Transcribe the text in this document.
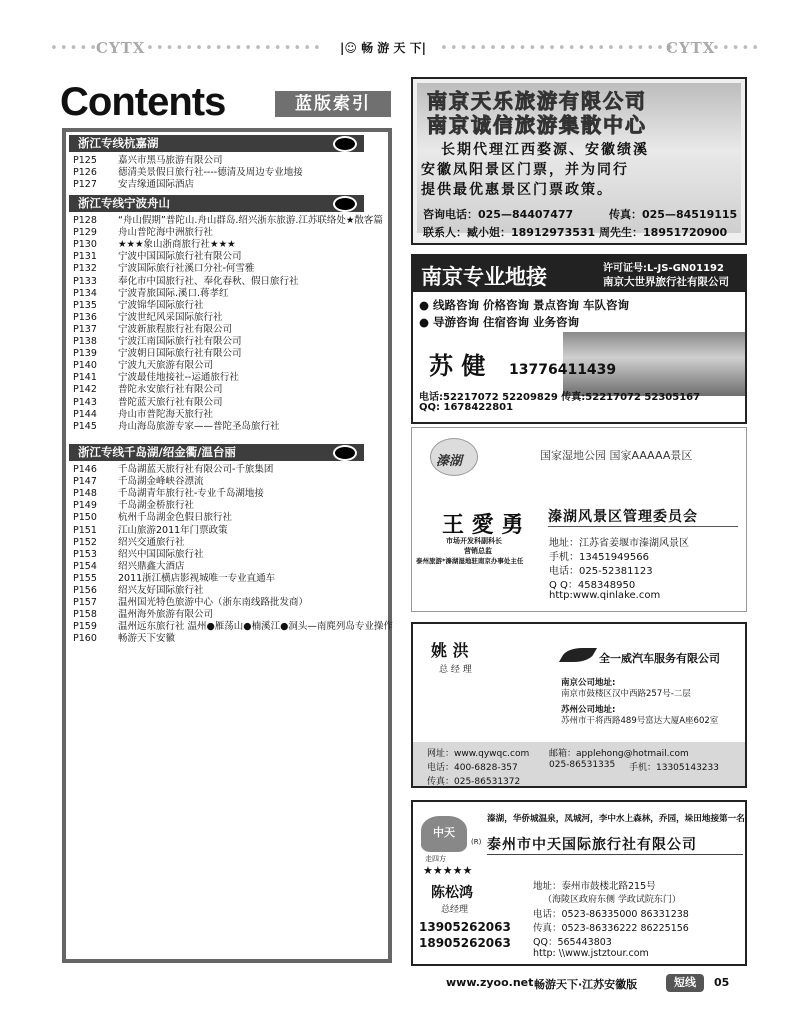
•••••
CYTX •••••••••••••••••• |☺ 畅 游 天 下| ••••••••••••••••••••••••
CYTX
•••••
Contents	蓝版索引
浙江专线杭嘉湖
P125 嘉兴市黑马旅游有限公司
P126 德清美景假日旅行社----德清及周边专业地接
P127 安吉缘通国际酒店
浙江专线宁波舟山
P128 “舟山假期”普陀山.舟山群岛.绍兴浙东旅游.江苏联络处★散客篇
P129 舟山普陀海中洲旅行社
P130 ★★★象山浙商旅行社★★★
P131 宁波中国国际旅行社有限公司
P132 宁波国际旅行社溪口分社-何雪雅
P133 奉化市中国旅行社、奉化春秋、假日旅行社
P134 宁波青旅国际.溪口.蒋孝红
P135 宁波锦华国际旅行社
P136 宁波世纪风采国际旅行社
P137 宁波新旅程旅行社有限公司
P138 宁波江南国际旅行社有限公司
P139 宁波朝日国际旅行社有限公司
P140 宁波九天旅游有限公司
P141 宁波最佳地接社--运通旅行社
P142 普陀永安旅行社有限公司
P143 普陀蓝天旅行社有限公司
P144 舟山市普陀海天旅行社
P145 舟山海岛旅游专家——普陀圣岛旅行社
浙江专线千岛湖/绍金衢/温台丽
P146 千岛湖蓝天旅行社有限公司-千旅集团
P147 千岛湖金峰峡谷漂流
P148 千岛湖青年旅行社-专业千岛湖地接
P149 千岛湖金桥旅行社
P150 杭州千岛湖金色假日旅行社
P151 江山旅游2011年门票政策
P152 绍兴交通旅行社
P153 绍兴中国国际旅行社
P154 绍兴鼎鑫大酒店
P155 2011浙江横店影视城唯一专业直通车
P156 绍兴友好国际旅行社
P157 温州国光特色旅游中心（浙东南线路批发商）
P158 温州海外旅游有限公司
P159 温州远东旅行社 温州●雁荡山●楠溪江●洞头—南麂列岛专业操作
P160 畅游天下安徽
南京天乐旅游有限公司
南京诚信旅游集散中心
长期代理江西婺源、安徽绩溪
安徽凤阳景区门票，并为同行
提供最优惠景区门票政策。
咨询电话：025—84407477	传真：025—84519115
联系人：臧小姐：18912973531 周先生：18951720900
南京专业地接	许可证号:L-JS-GN01192
南京大世界旅行社有限公司
● 线路咨询 价格咨询 景点咨询 车队咨询
● 导游咨询 住宿咨询 业务咨询
苏 健 13776411439
电话:52217072 52209829 传真:52217072 52305167
QQ: 1678422801
溱湖	国家湿地公园 国家AAAAA景区
王 愛 勇
市场开发科副科长
营销总监
泰州旅游*溱湖湿地驻南京办事处主任
溱湖风景区管理委员会
地址：江苏省姜堰市溱湖风景区
手机：13451949566
电话：025-52381123
Q Q：458348950
http:www.qinlake.com
姚 洪
总 经 理
全一威汽车服务有限公司
南京公司地址:
南京市鼓楼区汉中西路257号-二层
苏州公司地址:
苏州市干将西路489号富达大厦A座602室
网址：www.qywqc.com 邮箱：applehong@hotmail.com
电话：400-6828-357	025-86531335 手机：13305143233
传真：025-86531372
溱湖，华侨城温泉，凤城河，李中水上森林，乔园，垛田地接第一名
中天
走四方
(R) 泰州市中天国际旅行社有限公司
★★★★★
陈松鸿
总经理
13905262063
18905262063
地址：泰州市鼓楼北路215号
（海陵区政府东侧 学政试院东门）
电话：0523-86335000 86331238
传真：0523-86336222 86225156
QQ：565443803
http: \\www.jstztour.com
www.zyoo.net 畅游天下·江苏安徽版	短线	05
